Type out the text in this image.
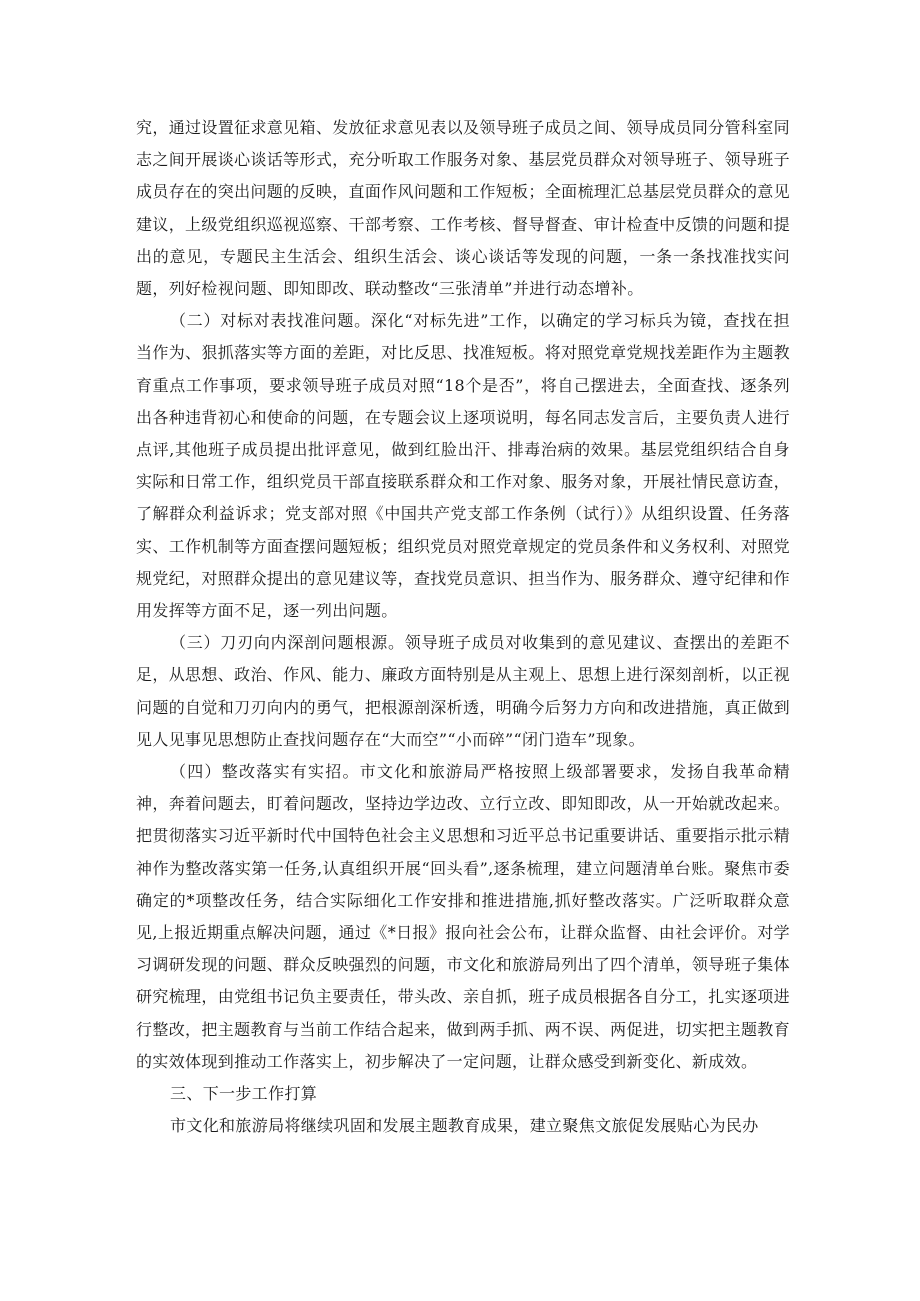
究，通过设置征求意见箱、发放征求意见表以及领导班子成员之间、领导成员同分管科室同志之间开展谈心谈话等形式，充分听取工作服务对象、基层党员群众对领导班子、领导班子成员存在的突出问题的反映，直面作风问题和工作短板；全面梳理汇总基层党员群众的意见建议，上级党组织巡视巡察、干部考察、工作考核、督导督查、审计检查中反馈的问题和提出的意见，专题民主生活会、组织生活会、谈心谈话等发现的问题，一条一条找准找实问题，列好检视问题、即知即改、联动整改“三张清单”并进行动态增补。

（二）对标对表找准问题。深化“对标先进”工作，以确定的学习标兵为镜，查找在担当作为、狠抓落实等方面的差距，对比反思、找准短板。将对照党章党规找差距作为主题教育重点工作事项，要求领导班子成员对照“18个是否”，将自己摆进去，全面查找、逐条列出各种违背初心和使命的问题，在专题会议上逐项说明，每名同志发言后，主要负责人进行点评,其他班子成员提出批评意见，做到红脸出汗、排毒治病的效果。基层党组织结合自身实际和日常工作，组织党员干部直接联系群众和工作对象、服务对象，开展社情民意访查，了解群众利益诉求；党支部对照《中国共产党支部工作条例（试行）》从组织设置、任务落实、工作机制等方面查摆问题短板；组织党员对照党章规定的党员条件和义务权利、对照党规党纪，对照群众提出的意见建议等，查找党员意识、担当作为、服务群众、遵守纪律和作用发挥等方面不足，逐一列出问题。

（三）刀刃向内深剖问题根源。领导班子成员对收集到的意见建议、查摆出的差距不足，从思想、政治、作风、能力、廉政方面特别是从主观上、思想上进行深刻剖析，以正视问题的自觉和刀刃向内的勇气，把根源剖深析透，明确今后努力方向和改进措施，真正做到见人见事见思想防止查找问题存在“大而空”“小而碎”“闭门造车”现象。

（四）整改落实有实招。市文化和旅游局严格按照上级部署要求，发扬自我革命精神，奔着问题去，盯着问题改，坚持边学边改、立行立改、即知即改，从一开始就改起来。把贯彻落实习近平新时代中国特色社会主义思想和习近平总书记重要讲话、重要指示批示精神作为整改落实第一任务,认真组织开展“回头看”,逐条梳理，建立问题清单台账。聚焦市委确定的*项整改任务，结合实际细化工作安排和推进措施,抓好整改落实。广泛听取群众意见,上报近期重点解决问题，通过《*日报》报向社会公布，让群众监督、由社会评价。对学习调研发现的问题、群众反映强烈的问题，市文化和旅游局列出了四个清单，领导班子集体研究梳理，由党组书记负主要责任，带头改、亲自抓，班子成员根据各自分工，扎实逐项进行整改，把主题教育与当前工作结合起来，做到两手抓、两不误、两促进，切实把主题教育的实效体现到推动工作落实上，初步解决了一定问题，让群众感受到新变化、新成效。

三、下一步工作打算

市文化和旅游局将继续巩固和发展主题教育成果，建立聚焦文旅促发展贴心为民办
